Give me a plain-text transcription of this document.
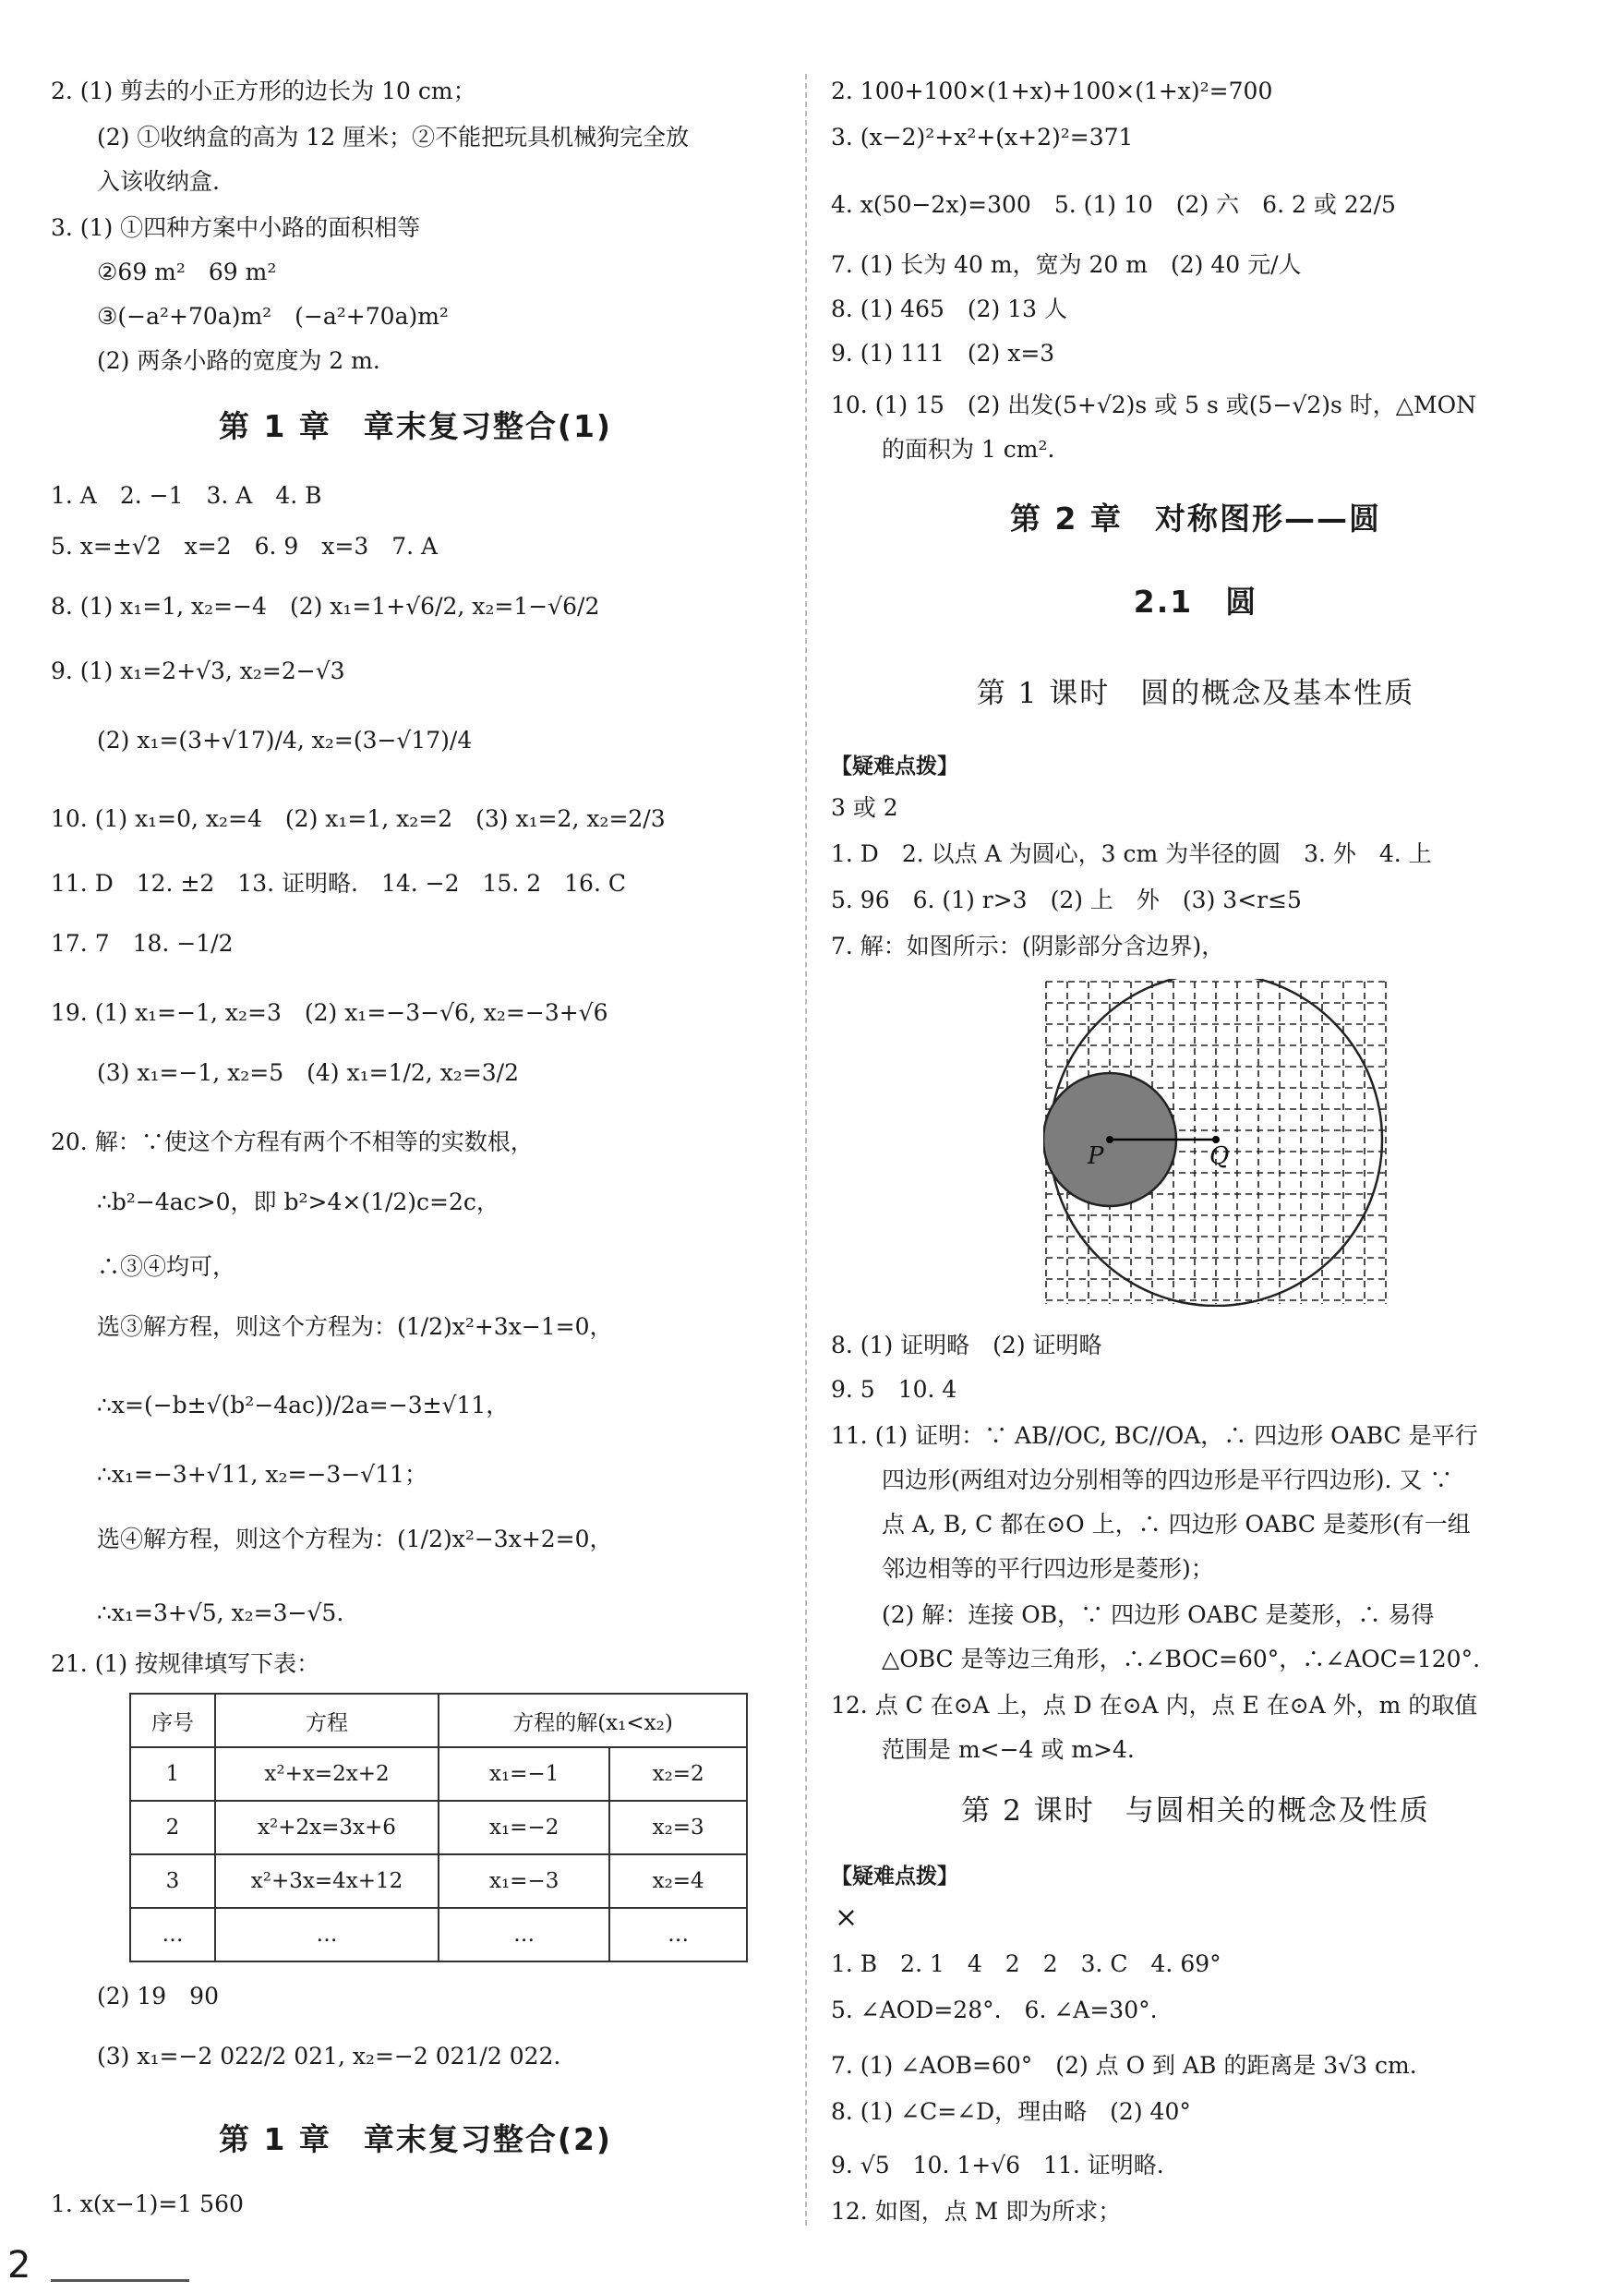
2. (1) 剪去的小正方形的边长为 10 cm；
(2) ①收纳盒的高为 12 厘米；②不能把玩具机械狗完全放
入该收纳盒.
3. (1) ①四种方案中小路的面积相等
②69 m²　69 m²
③(−a²+70a)m²　(−a²+70a)m²
(2) 两条小路的宽度为 2 m.
第 1 章　章末复习整合(1)
1. A　2. −1　3. A　4. B
5. x=±√2　x=2　6. 9　x=3　7. A
8. (1) x₁=1, x₂=−4　(2) x₁=1+√6/2, x₂=1−√6/2
9. (1) x₁=2+√3, x₂=2−√3
(2) x₁=(3+√17)/4, x₂=(3−√17)/4
10. (1) x₁=0, x₂=4　(2) x₁=1, x₂=2　(3) x₁=2, x₂=2/3
11. D　12. ±2　13. 证明略.　14. −2　15. 2　16. C
17. 7　18. −1/2
19. (1) x₁=−1, x₂=3　(2) x₁=−3−√6, x₂=−3+√6
(3) x₁=−1, x₂=5　(4) x₁=1/2, x₂=3/2
20. 解：∵使这个方程有两个不相等的实数根，
∴b²−4ac>0，即 b²>4×(1/2)c=2c，
∴③④均可，
选③解方程，则这个方程为：(1/2)x²+3x−1=0，
∴x=(−b±√(b²−4ac))/2a=−3±√11，
∴x₁=−3+√11, x₂=−3−√11；
选④解方程，则这个方程为：(1/2)x²−3x+2=0，
∴x₁=3+√5, x₂=3−√5.
21. (1) 按规律填写下表：
序号	方程	方程的解(x₁<x₂)	
1	x²+x=2x+2	x₁=−1	x₂=2
2	x²+2x=3x+6	x₁=−2	x₂=3
3	x²+3x=4x+12	x₁=−3	x₂=4
…	…	…	…
(2) 19　90
(3) x₁=−2 022/2 021, x₂=−2 021/2 022.
第 1 章　章末复习整合(2)
1. x(x−1)=1 560
2. 100+100×(1+x)+100×(1+x)²=700
3. (x−2)²+x²+(x+2)²=371
4. x(50−2x)=300　5. (1) 10　(2) 六　6. 2 或 22/5
7. (1) 长为 40 m，宽为 20 m　(2) 40 元/人
8. (1) 465　(2) 13 人
9. (1) 111　(2) x=3
10. (1) 15　(2) 出发(5+√2)s 或 5 s 或(5−√2)s 时，△MON
的面积为 1 cm².
第 2 章　对称图形——圆
2.1　圆
第 1 课时　圆的概念及基本性质
【疑难点拨】
3 或 2
1. D　2. 以点 A 为圆心，3 cm 为半径的圆　3. 外　4. 上
5. 96　6. (1) r>3　(2) 上　外　(3) 3<r≤5
7. 解：如图所示：(阴影部分含边界)，
P	Q
8. (1) 证明略　(2) 证明略
9. 5　10. 4
11. (1) 证明：∵ AB//OC, BC//OA，∴ 四边形 OABC 是平行
四边形(两组对边分别相等的四边形是平行四边形). 又 ∵
点 A, B, C 都在⊙O 上，∴ 四边形 OABC 是菱形(有一组
邻边相等的平行四边形是菱形)；
(2) 解：连接 OB，∵ 四边形 OABC 是菱形，∴ 易得
△OBC 是等边三角形，∴∠BOC=60°，∴∠AOC=120°.
12. 点 C 在⊙A 上，点 D 在⊙A 内，点 E 在⊙A 外，m 的取值
范围是 m<−4 或 m>4.
第 2 课时　与圆相关的概念及性质
【疑难点拨】
×
1. B　2. 1　4　2　2　3. C　4. 69°
5. ∠AOD=28°.　6. ∠A=30°.
7. (1) ∠AOB=60°　(2) 点 O 到 AB 的距离是 3√3 cm.
8. (1) ∠C=∠D，理由略　(2) 40°
9. √5　10. 1+√6　11. 证明略.
12. 如图，点 M 即为所求；
2
